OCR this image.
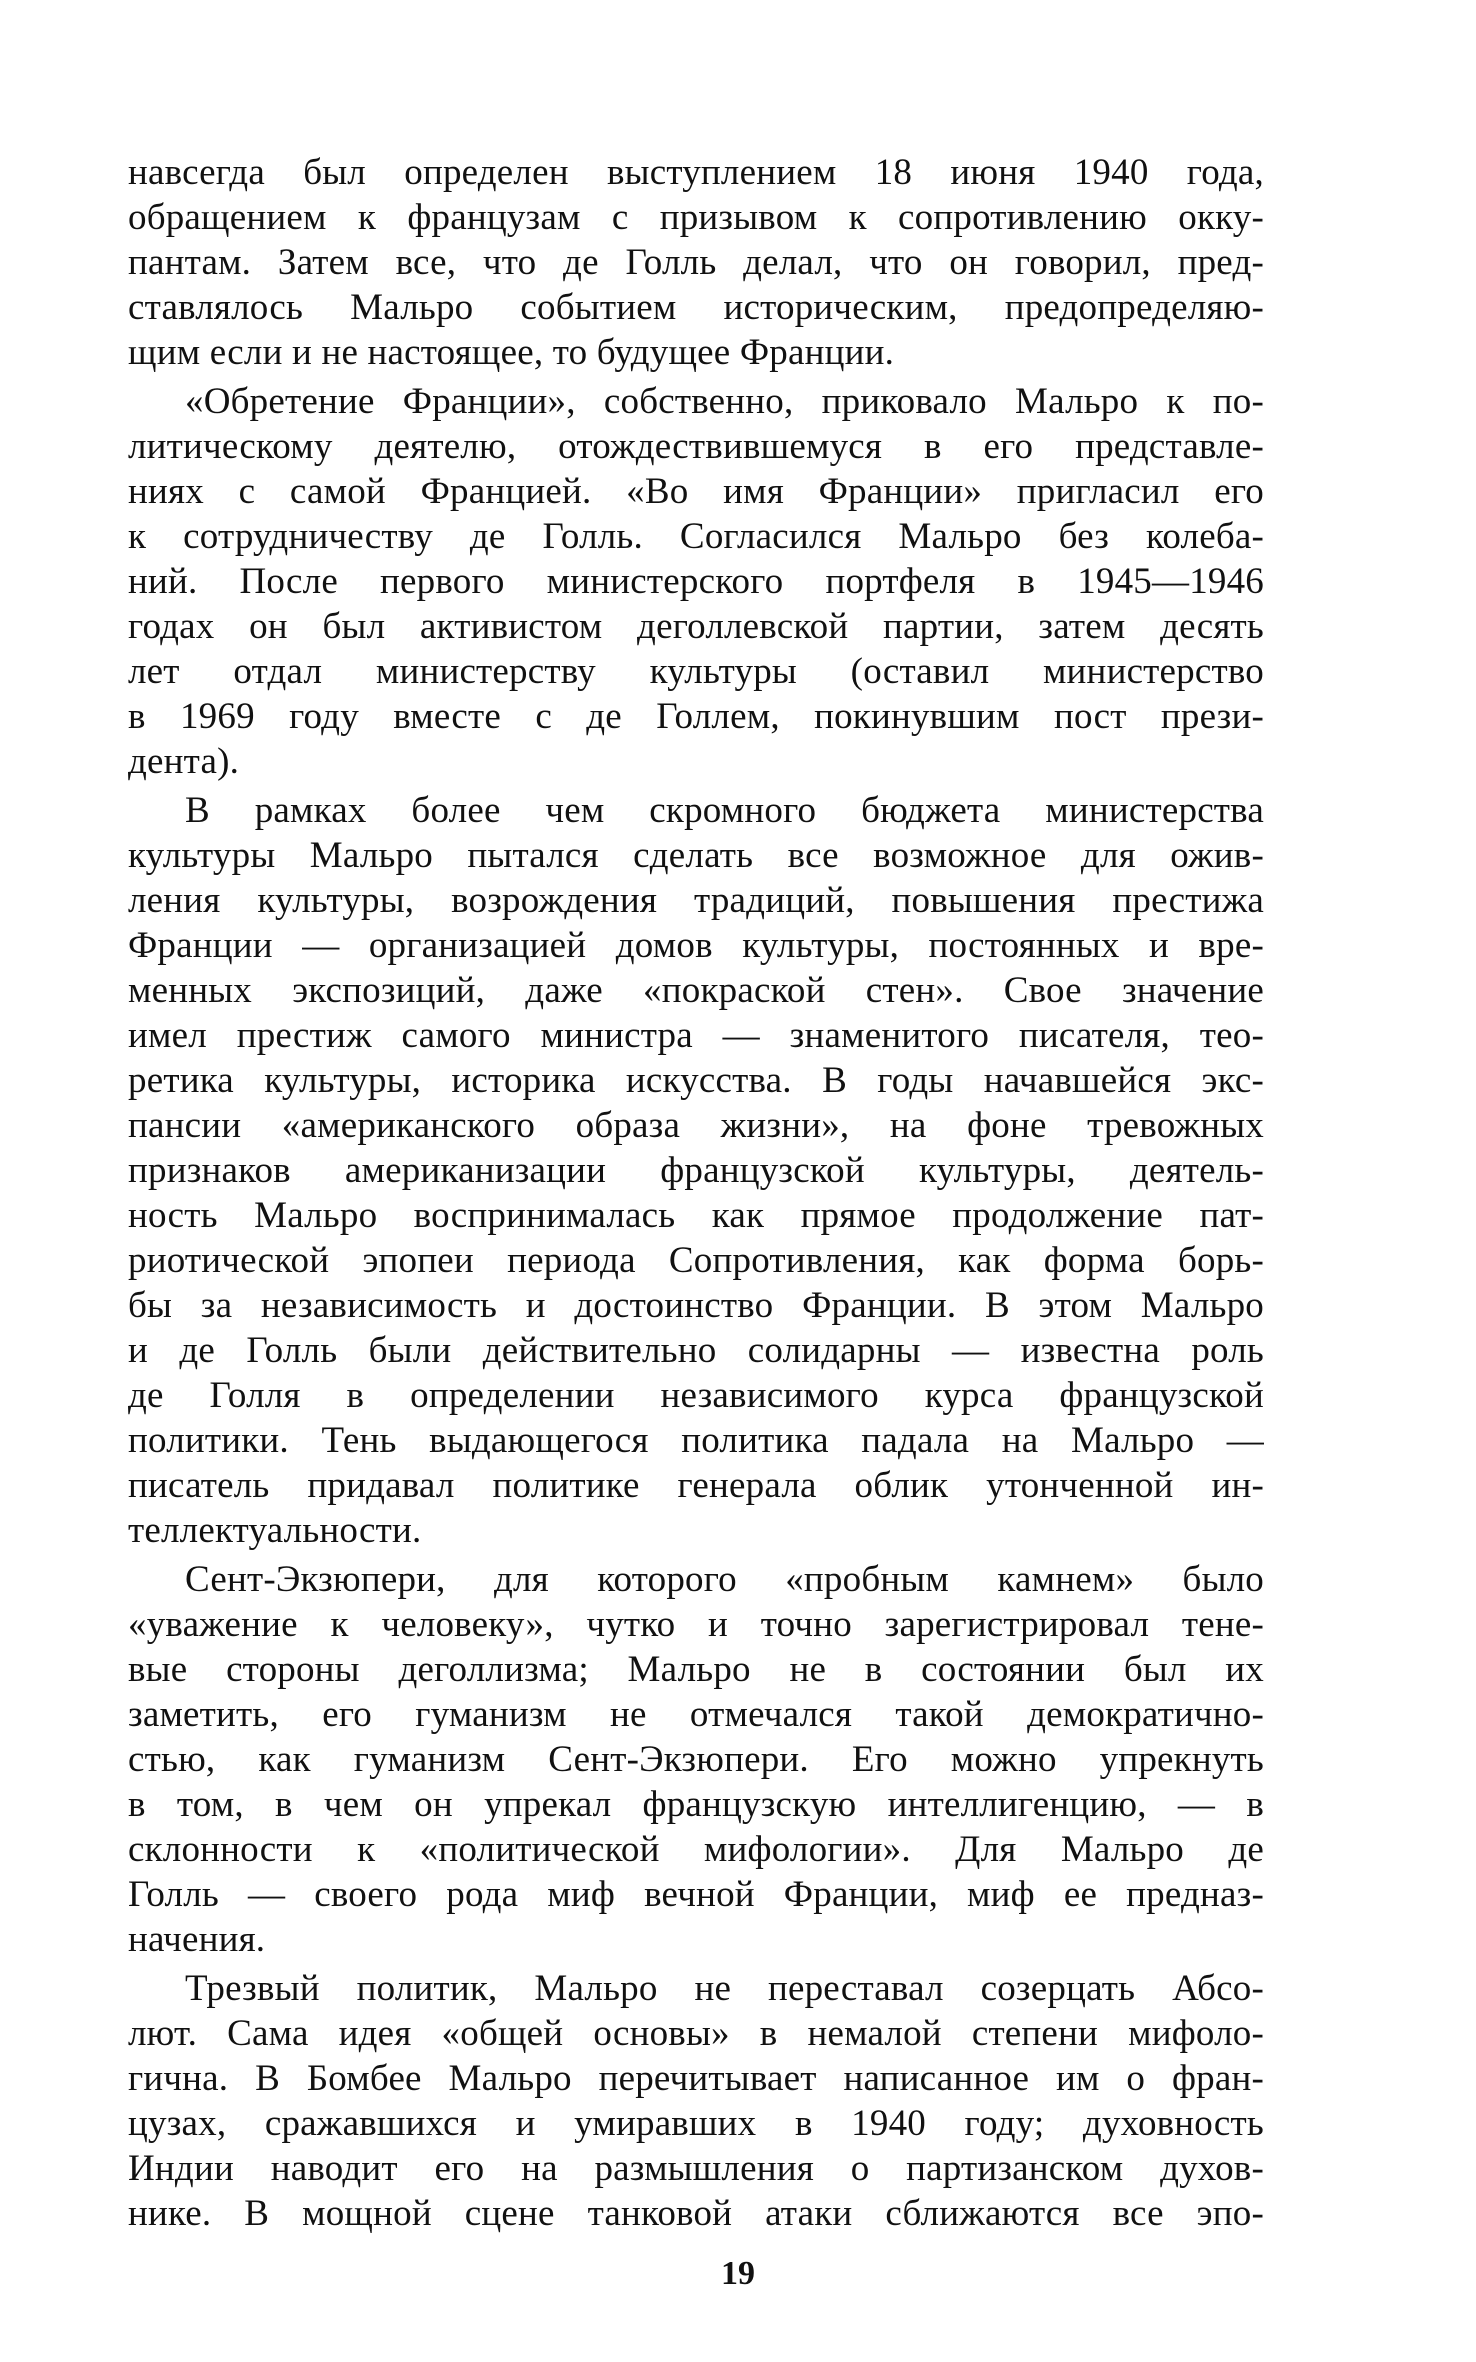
навсегда был определен выступлением 18 июня 1940 года,
обращением к французам с призывом к сопротивлению окку-
пантам. Затем все, что де Голль делал, что он говорил, пред-
ставлялось Мальро событием историческим, предопределяю-
щим если и не настоящее, то будущее Франции.
«Обретение Франции», собственно, приковало Мальро к по-
литическому деятелю, отождествившемуся в его представле-
ниях с самой Францией. «Во имя Франции» пригласил его
к сотрудничеству де Голль. Согласился Мальро без колеба-
ний. После первого министерского портфеля в 1945—1946
годах он был активистом деголлевской партии, затем десять
лет отдал министерству культуры (оставил министерство
в 1969 году вместе с де Голлем, покинувшим пост прези-
дента).
В рамках более чем скромного бюджета министерства
культуры Мальро пытался сделать все возможное для ожив-
ления культуры, возрождения традиций, повышения престижа
Франции — организацией домов культуры, постоянных и вре-
менных экспозиций, даже «покраской стен». Свое значение
имел престиж самого министра — знаменитого писателя, тео-
ретика культуры, историка искусства. В годы начавшейся экс-
пансии «американского образа жизни», на фоне тревожных
признаков американизации французской культуры, деятель-
ность Мальро воспринималась как прямое продолжение пат-
риотической эпопеи периода Сопротивления, как форма борь-
бы за независимость и достоинство Франции. В этом Мальро
и де Голль были действительно солидарны — известна роль
де Голля в определении независимого курса французской
политики. Тень выдающегося политика падала на Мальро —
писатель придавал политике генерала облик утонченной ин-
теллектуальности.
Сент-Экзюпери, для которого «пробным камнем» было
«уважение к человеку», чутко и точно зарегистрировал тене-
вые стороны деголлизма; Мальро не в состоянии был их
заметить, его гуманизм не отмечался такой демократично-
стью, как гуманизм Сент-Экзюпери. Его можно упрекнуть
в том, в чем он упрекал французскую интеллигенцию, — в
склонности к «политической мифологии». Для Мальро де
Голль — своего рода миф вечной Франции, миф ее предназ-
начения.
Трезвый политик, Мальро не переставал созерцать Абсо-
лют. Сама идея «общей основы» в немалой степени мифоло-
гична. В Бомбее Мальро перечитывает написанное им о фран-
цузах, сражавшихся и умиравших в 1940 году; духовность
Индии наводит его на размышления о партизанском духов-
нике. В мощной сцене танковой атаки сближаются все эпо-
19
